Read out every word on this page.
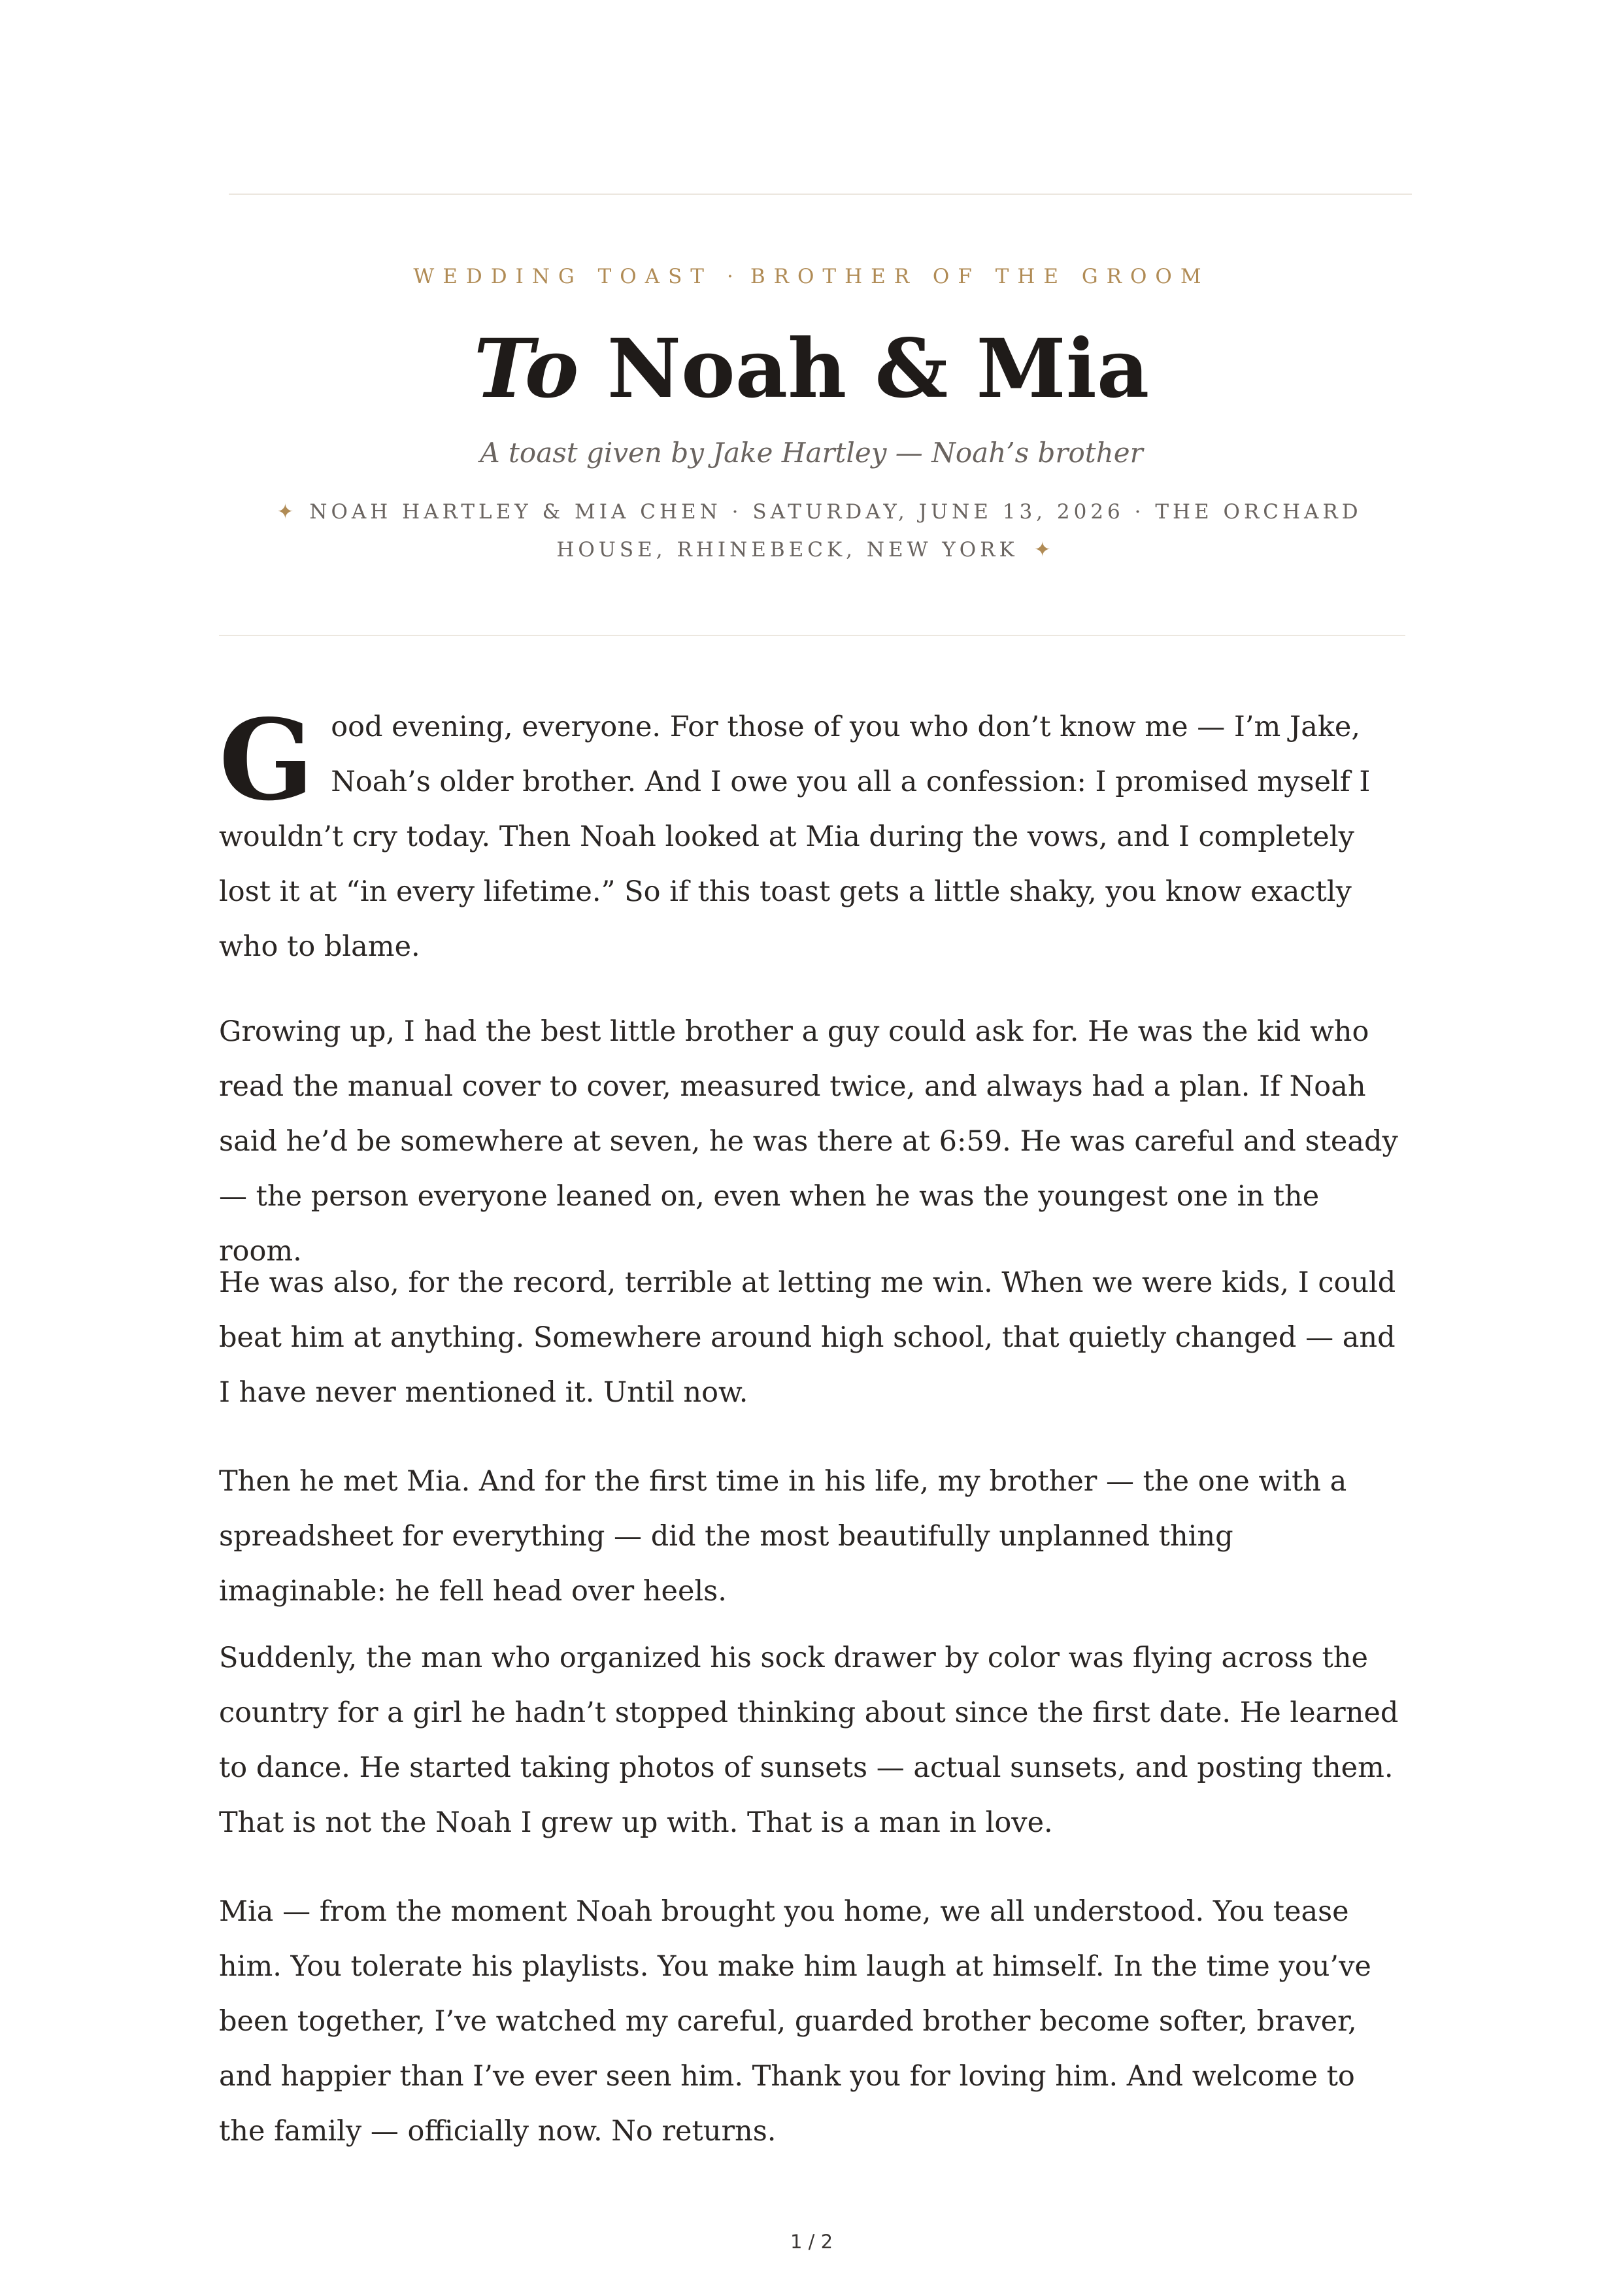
WEDDING TOAST · BROTHER OF THE GROOM
To Noah & Mia
A toast given by Jake Hartley — Noah’s brother
✦ NOAH HARTLEY & MIA CHEN · SATURDAY, JUNE 13, 2026 · THE ORCHARD HOUSE, RHINEBECK, NEW YORK ✦
Good evening, everyone. For those of you who don’t know me — I’m Jake, Noah’s older brother. And I owe you all a confession: I promised myself I wouldn’t cry today. Then Noah looked at Mia during the vows, and I completely lost it at “in every lifetime.” So if this toast gets a little shaky, you know exactly who to blame.
Growing up, I had the best little brother a guy could ask for. He was the kid who read the manual cover to cover, measured twice, and always had a plan. If Noah said he’d be somewhere at seven, he was there at 6:59. He was careful and steady — the person everyone leaned on, even when he was the youngest one in the room.
He was also, for the record, terrible at letting me win. When we were kids, I could beat him at anything. Somewhere around high school, that quietly changed — and I have never mentioned it. Until now.
Then he met Mia. And for the first time in his life, my brother — the one with a spreadsheet for everything — did the most beautifully unplanned thing imaginable: he fell head over heels.
Suddenly, the man who organized his sock drawer by color was flying across the country for a girl he hadn’t stopped thinking about since the first date. He learned to dance. He started taking photos of sunsets — actual sunsets, and posting them. That is not the Noah I grew up with. That is a man in love.
Mia — from the moment Noah brought you home, we all understood. You tease him. You tolerate his playlists. You make him laugh at himself. In the time you’ve been together, I’ve watched my careful, guarded brother become softer, braver, and happier than I’ve ever seen him. Thank you for loving him. And welcome to the family — officially now. No returns.
1 / 2
